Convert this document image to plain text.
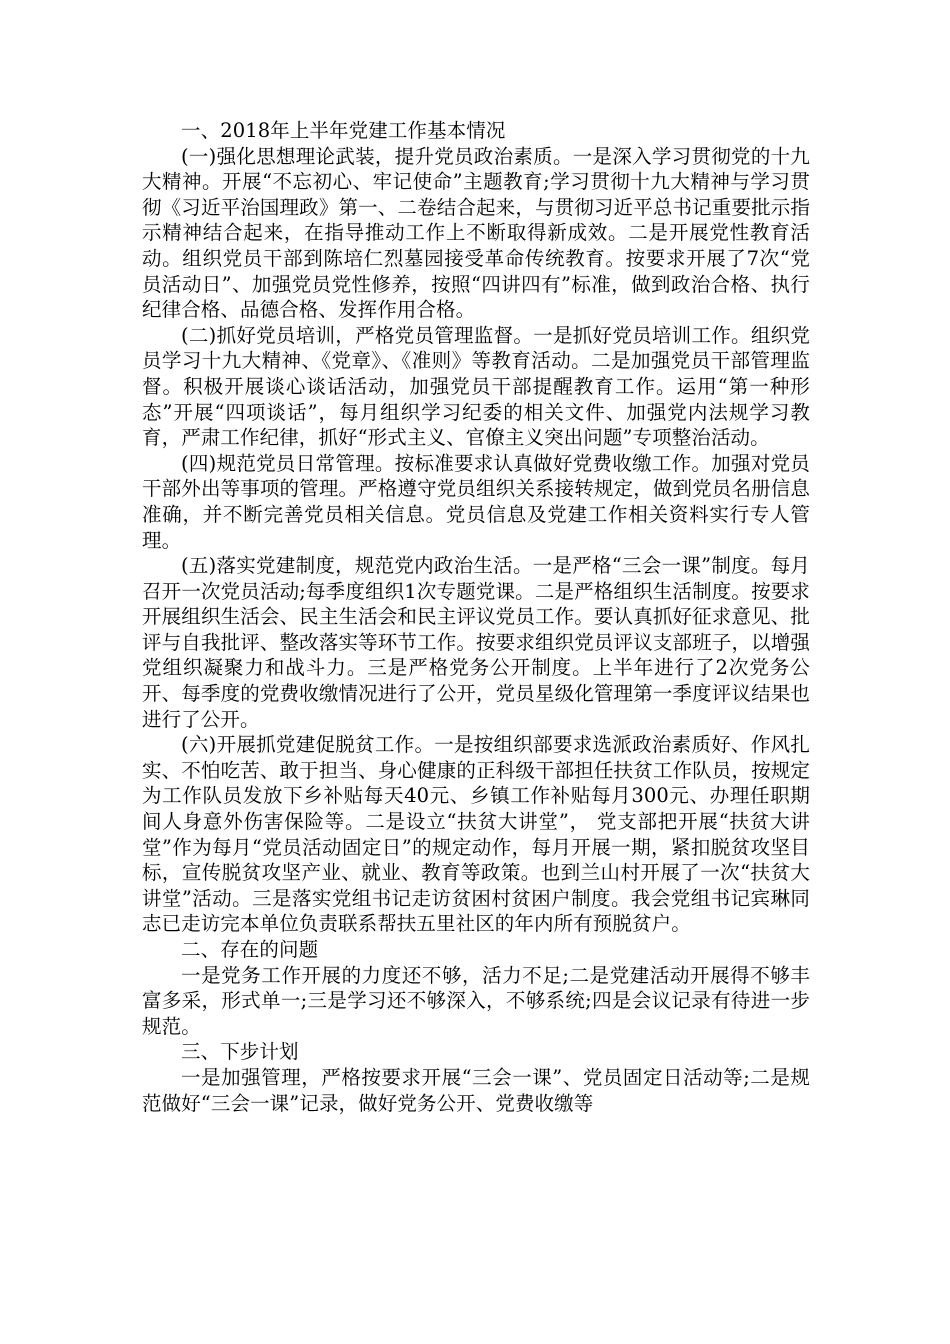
一、2018年上半年党建工作基本情况

(一)强化思想理论武装，提升党员政治素质。一是深入学习贯彻党的十九大精神。开展“不忘初心、牢记使命”主题教育;学习贯彻十九大精神与学习贯彻《习近平治国理政》第一、二卷结合起来，与贯彻习近平总书记重要批示指示精神结合起来，在指导推动工作上不断取得新成效。二是开展党性教育活动。组织党员干部到陈培仁烈墓园接受革命传统教育。按要求开展了7次“党员活动日”、加强党员党性修养，按照“四讲四有”标准，做到政治合格、执行纪律合格、品德合格、发挥作用合格。

(二)抓好党员培训，严格党员管理监督。一是抓好党员培训工作。组织党员学习十九大精神、《党章》、《准则》等教育活动。二是加强党员干部管理监督。积极开展谈心谈话活动，加强党员干部提醒教育工作。运用“第一种形态”开展“四项谈话”，每月组织学习纪委的相关文件、加强党内法规学习教育，严肃工作纪律，抓好“形式主义、官僚主义突出问题”专项整治活动。

(四)规范党员日常管理。按标准要求认真做好党费收缴工作。加强对党员干部外出等事项的管理。严格遵守党员组织关系接转规定，做到党员名册信息准确，并不断完善党员相关信息。党员信息及党建工作相关资料实行专人管理。

(五)落实党建制度，规范党内政治生活。一是严格“三会一课”制度。每月召开一次党员活动;每季度组织1次专题党课。二是严格组织生活制度。按要求开展组织生活会、民主生活会和民主评议党员工作。要认真抓好征求意见、批评与自我批评、整改落实等环节工作。按要求组织党员评议支部班子，以增强党组织凝聚力和战斗力。三是严格党务公开制度。上半年进行了2次党务公开、每季度的党费收缴情况进行了公开，党员星级化管理第一季度评议结果也进行了公开。

(六)开展抓党建促脱贫工作。一是按组织部要求选派政治素质好、作风扎实、不怕吃苦、敢于担当、身心健康的正科级干部担任扶贫工作队员，按规定为工作队员发放下乡补贴每天40元、乡镇工作补贴每月300元、办理任职期间人身意外伤害保险等。二是设立“扶贫大讲堂”， 党支部把开展“扶贫大讲堂”作为每月“党员活动固定日”的规定动作，每月开展一期，紧扣脱贫攻坚目标，宣传脱贫攻坚产业、就业、教育等政策。也到兰山村开展了一次“扶贫大讲堂”活动。三是落实党组书记走访贫困村贫困户制度。我会党组书记宾琳同志已走访完本单位负责联系帮扶五里社区的年内所有预脱贫户。

二、存在的问题

一是党务工作开展的力度还不够，活力不足;二是党建活动开展得不够丰富多采，形式单一;三是学习还不够深入，不够系统;四是会议记录有待进一步规范。

三、下步计划

一是加强管理，严格按要求开展“三会一课”、党员固定日活动等;二是规范做好“三会一课”记录，做好党务公开、党费收缴等
